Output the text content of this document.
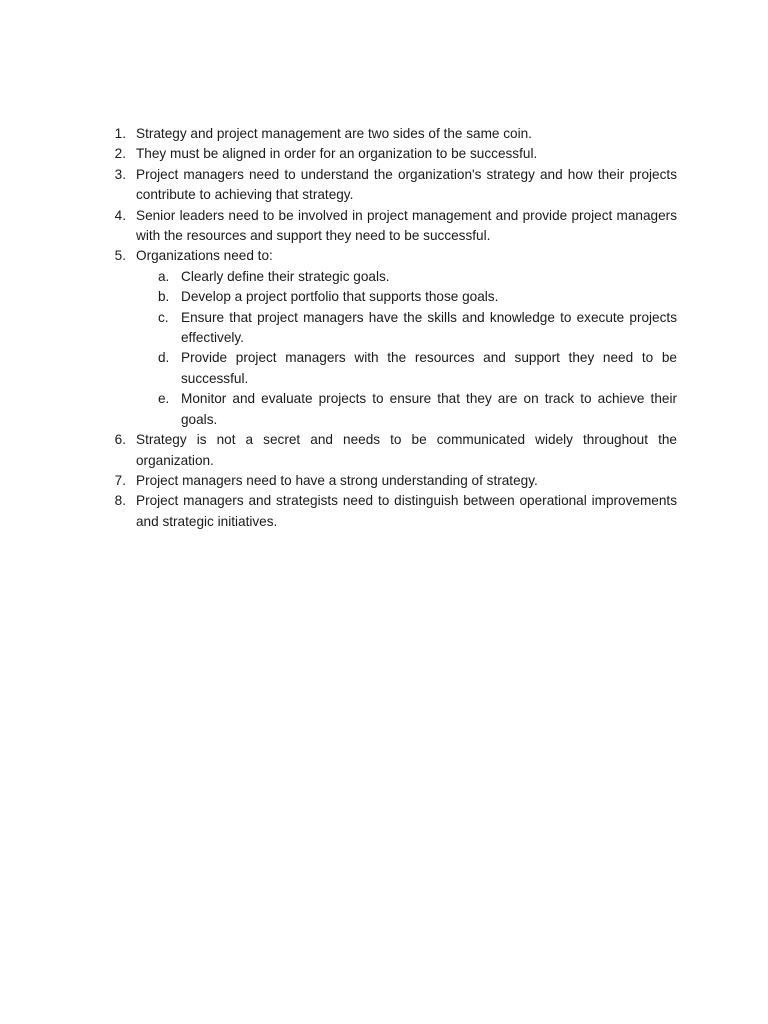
1. Strategy and project management are two sides of the same coin.
2. They must be aligned in order for an organization to be successful.
3. Project managers need to understand the organization's strategy and how their projects contribute to achieving that strategy.
4. Senior leaders need to be involved in project management and provide project managers with the resources and support they need to be successful.
5. Organizations need to:
a. Clearly define their strategic goals.
b. Develop a project portfolio that supports those goals.
c. Ensure that project managers have the skills and knowledge to execute projects effectively.
d. Provide project managers with the resources and support they need to be successful.
e. Monitor and evaluate projects to ensure that they are on track to achieve their goals.
6. Strategy is not a secret and needs to be communicated widely throughout the organization.
7. Project managers need to have a strong understanding of strategy.
8. Project managers and strategists need to distinguish between operational improvements and strategic initiatives.
